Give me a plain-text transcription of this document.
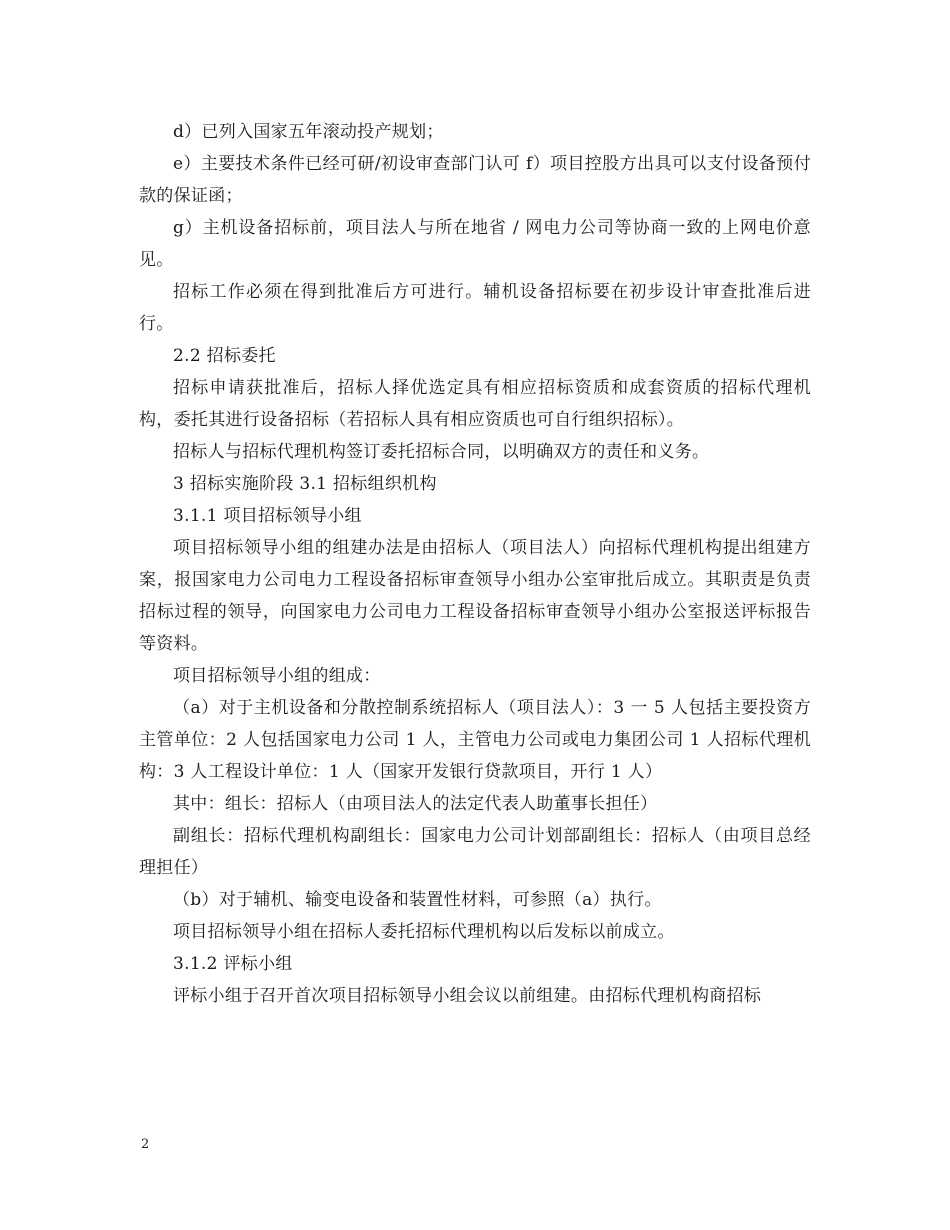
d）已列入国家五年滚动投产规划；

e）主要技术条件已经可研/初设审查部门认可 f）项目控股方出具可以支付设备预付款的保证函；

g）主机设备招标前，项目法人与所在地省 / 网电力公司等协商一致的上网电价意见。

招标工作必须在得到批准后方可进行。辅机设备招标要在初步设计审查批准后进行。

2.2 招标委托

招标申请获批准后，招标人择优选定具有相应招标资质和成套资质的招标代理机构，委托其进行设备招标（若招标人具有相应资质也可自行组织招标）。

招标人与招标代理机构签订委托招标合同，以明确双方的责任和义务。

3 招标实施阶段 3.1 招标组织机构

3.1.1 项目招标领导小组

项目招标领导小组的组建办法是由招标人（项目法人）向招标代理机构提出组建方案，报国家电力公司电力工程设备招标审查领导小组办公室审批后成立。其职责是负责招标过程的领导，向国家电力公司电力工程设备招标审查领导小组办公室报送评标报告等资料。

项目招标领导小组的组成：

（a）对于主机设备和分散控制系统招标人（项目法人）：3 一 5 人包括主要投资方主管单位：2 人包括国家电力公司 1 人，主管电力公司或电力集团公司 1 人招标代理机构：3 人工程设计单位：1 人（国家开发银行贷款项目，开行 1 人）

其中：组长：招标人（由项目法人的法定代表人助董事长担任）

副组长：招标代理机构副组长：国家电力公司计划部副组长：招标人（由项目总经理担任）

（b）对于辅机、输变电设备和装置性材料，可参照（a）执行。

项目招标领导小组在招标人委托招标代理机构以后发标以前成立。

3.1.2 评标小组

评标小组于召开首次项目招标领导小组会议以前组建。由招标代理机构商招标

2
